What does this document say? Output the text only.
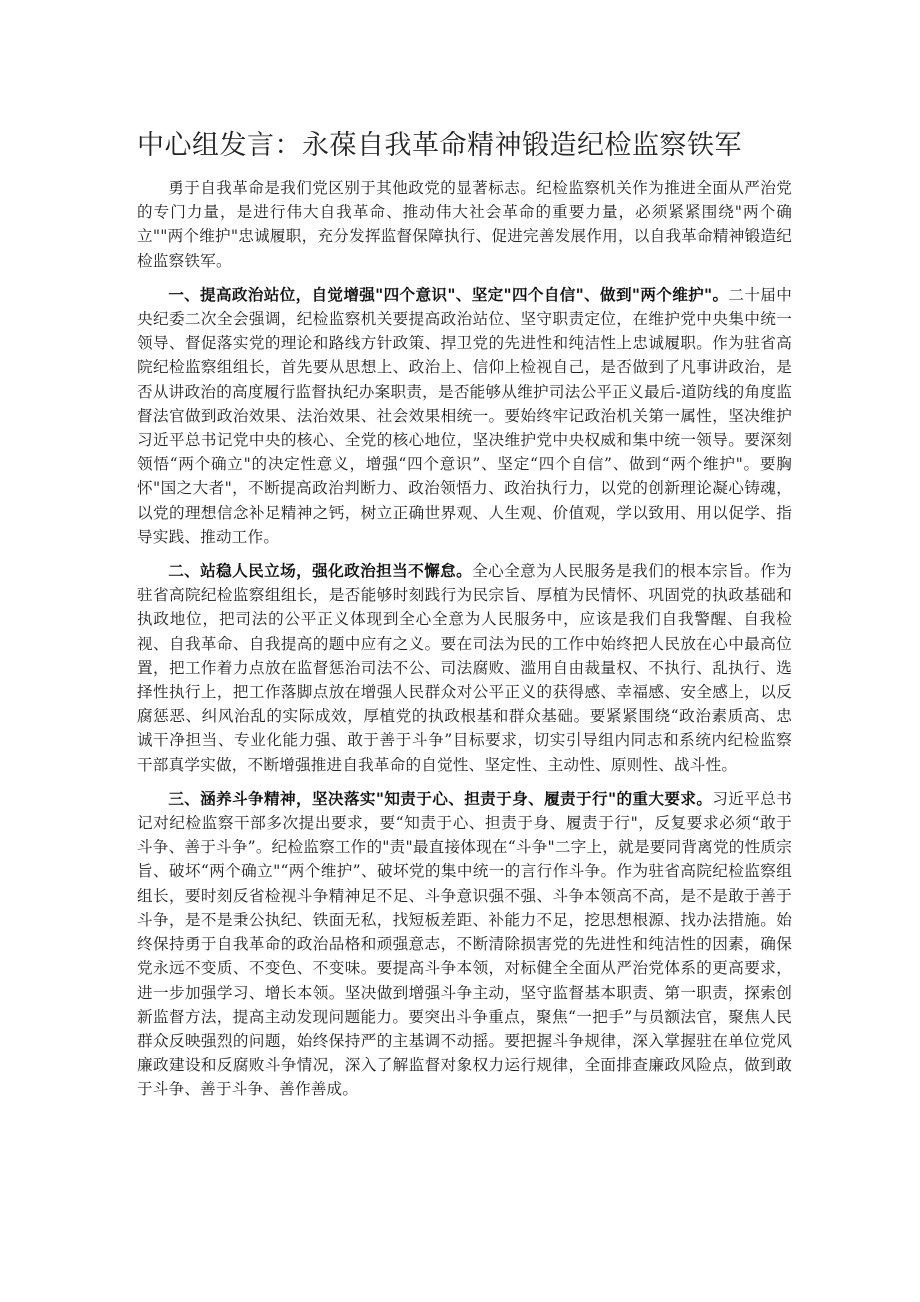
中心组发言：永葆自我革命精神锻造纪检监察铁军

勇于自我革命是我们党区别于其他政党的显著标志。纪检监察机关作为推进全面从严治党的专门力量，是进行伟大自我革命、推动伟大社会革命的重要力量，必须紧紧围绕"两个确立""两个维护"忠诚履职，充分发挥监督保障执行、促进完善发展作用，以自我革命精神锻造纪检监察铁军。

一、提高政治站位，自觉增强"四个意识"、坚定"四个自信"、做到"两个维护"。二十届中央纪委二次全会强调，纪检监察机关要提高政治站位、坚守职责定位，在维护党中央集中统一领导、督促落实党的理论和路线方针政策、捍卫党的先进性和纯洁性上忠诚履职。作为驻省高院纪检监察组组长，首先要从思想上、政治上、信仰上检视自己，是否做到了凡事讲政治，是否从讲政治的高度履行监督执纪办案职责，是否能够从维护司法公平正义最后-道防线的角度监督法官做到政治效果、法治效果、社会效果相统一。要始终牢记政治机关第一属性，坚决维护习近平总书记党中央的核心、全党的核心地位，坚决维护党中央权威和集中统一领导。要深刻领悟“两个确立"的决定性意义，增强“四个意识”、坚定“四个自信”、做到“两个维护"。要胸怀"国之大者"，不断提高政治判断力、政治领悟力、政治执行力，以党的创新理论凝心铸魂，以党的理想信念补足精神之钙，树立正确世界观、人生观、价值观，学以致用、用以促学、指导实践、推动工作。

二、站稳人民立场，强化政治担当不懈怠。全心全意为人民服务是我们的根本宗旨。作为驻省高院纪检监察组组长，是否能够时刻践行为民宗旨、厚植为民情怀、巩固党的执政基础和执政地位，把司法的公平正义体现到全心全意为人民服务中，应该是我们自我警醒、自我检视、自我革命、自我提高的题中应有之义。要在司法为民的工作中始终把人民放在心中最高位置，把工作着力点放在监督惩治司法不公、司法腐败、滥用自由裁量权、不执行、乱执行、选择性执行上，把工作落脚点放在增强人民群众对公平正义的获得感、幸福感、安全感上，以反腐惩恶、纠风治乱的实际成效，厚植党的执政根基和群众基础。要紧紧围绕“政治素质高、忠诚干净担当、专业化能力强、敢于善于斗争”目标要求，切实引导组内同志和系统内纪检监察干部真学实做，不断增强推进自我革命的自觉性、坚定性、主动性、原则性、战斗性。

三、涵养斗争精神，坚决落实"知责于心、担责于身、履责于行"的重大要求。习近平总书记对纪检监察干部多次提出要求，要“知责于心、担责于身、履责于行"，反复要求必须“敢于斗争、善于斗争”。纪检监察工作的"责"最直接体现在“斗争"二字上，就是要同背离党的性质宗旨、破坏“两个确立"“两个维护”、破坏党的集中统一的言行作斗争。作为驻省高院纪检监察组组长，要时刻反省检视斗争精神足不足、斗争意识强不强、斗争本领高不高，是不是敢于善于斗争，是不是秉公执纪、铁面无私，找短板差距、补能力不足，挖思想根源、找办法措施。始终保持勇于自我革命的政治品格和顽强意志，不断清除损害党的先进性和纯洁性的因素，确保党永远不变质、不变色、不变味。要提高斗争本领，对标健全全面从严治党体系的更高要求，进一步加强学习、增长本领。坚决做到增强斗争主动，坚守监督基本职责、第一职责，探索创新监督方法，提高主动发现问题能力。要突出斗争重点，聚焦“一把手”与员额法官，聚焦人民群众反映强烈的问题，始终保持严的主基调不动摇。要把握斗争规律，深入掌握驻在单位党风廉政建设和反腐败斗争情况，深入了解监督对象权力运行规律，全面排查廉政风险点，做到敢于斗争、善于斗争、善作善成。
